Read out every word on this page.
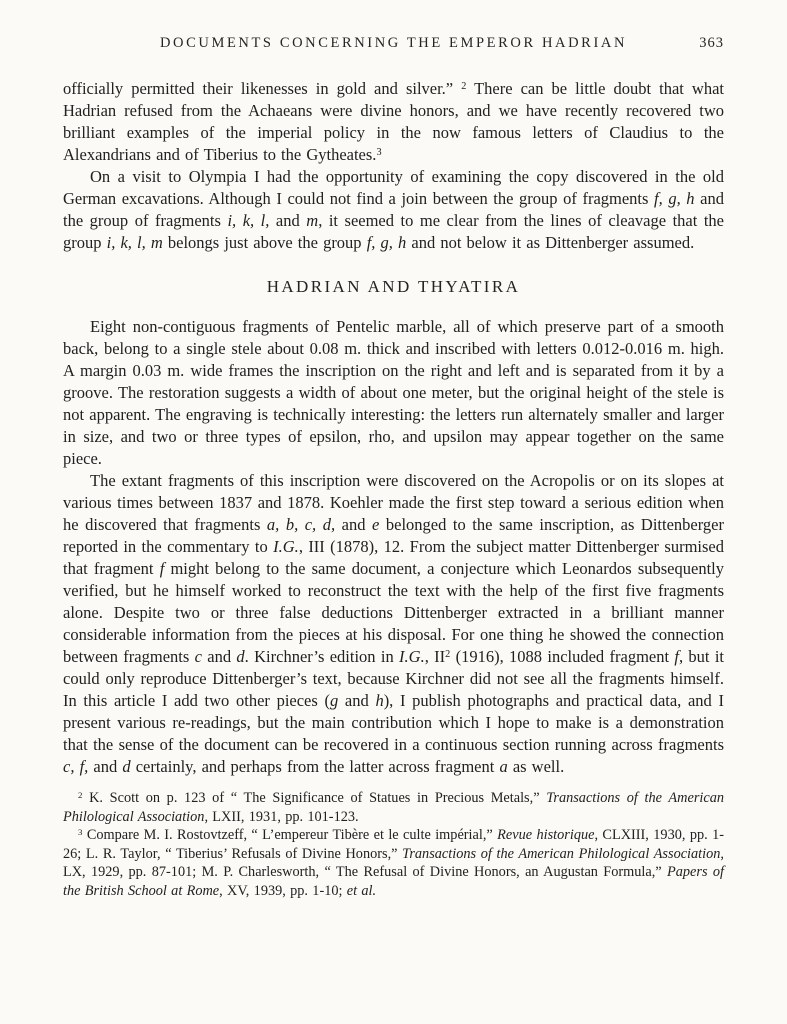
DOCUMENTS CONCERNING THE EMPEROR HADRIAN	363

officially permitted their likenesses in gold and silver.” $^2$ There can be little doubt that what Hadrian refused from the Achaeans were divine honors, and we have recently recovered two brilliant examples of the imperial policy in the now famous letters of Claudius to the Alexandrians and of Tiberius to the Gytheates.$^3$

On a visit to Olympia I had the opportunity of examining the copy discovered in the old German excavations. Although I could not find a join between the group of fragments f, g, h and the group of fragments i, k, l, and m, it seemed to me clear from the lines of cleavage that the group i, k, l, m belongs just above the group f, g, h and not below it as Dittenberger assumed.

HADRIAN AND THYATIRA

Eight non-contiguous fragments of Pentelic marble, all of which preserve part of a smooth back, belong to a single stele about 0.08 m. thick and inscribed with letters 0.012-0.016 m. high. A margin 0.03 m. wide frames the inscription on the right and left and is separated from it by a groove. The restoration suggests a width of about one meter, but the original height of the stele is not apparent. The engraving is technically interesting: the letters run alternately smaller and larger in size, and two or three types of epsilon, rho, and upsilon may appear together on the same piece.

The extant fragments of this inscription were discovered on the Acropolis or on its slopes at various times between 1837 and 1878. Koehler made the first step toward a serious edition when he discovered that fragments a, b, c, d, and e belonged to the same inscription, as Dittenberger reported in the commentary to I.G., III (1878), 12. From the subject matter Dittenberger surmised that fragment f might belong to the same document, a conjecture which Leonardos subsequently verified, but he himself worked to reconstruct the text with the help of the first five fragments alone. Despite two or three false deductions Dittenberger extracted in a brilliant manner considerable information from the pieces at his disposal. For one thing he showed the connection between fragments c and d. Kirchner’s edition in I.G., $II^2$ (1916), 1088 included fragment f, but it could only reproduce Dittenberger’s text, because Kirchner did not see all the fragments himself. In this article I add two other pieces (g and h), I publish photographs and practical data, and I present various re-readings, but the main contribution which I hope to make is a demonstration that the sense of the document can be recovered in a continuous section running across fragments c, f, and d certainly, and perhaps from the latter across fragment a as well.

$^2$ K. Scott on p. 123 of “ The Significance of Statues in Precious Metals,” Transactions of the American Philological Association, LXII, 1931, pp. 101-123.

$^3$ Compare M. I. Rostovtzeff, “ L’empereur Tibère et le culte impérial,” Revue historique, CLXIII, 1930, pp. 1-26; L. R. Taylor, “ Tiberius’ Refusals of Divine Honors,” Transactions of the American Philological Association, LX, 1929, pp. 87-101; M. P. Charlesworth, “ The Refusal of Divine Honors, an Augustan Formula,” Papers of the British School at Rome, XV, 1939, pp. 1-10; et al.
